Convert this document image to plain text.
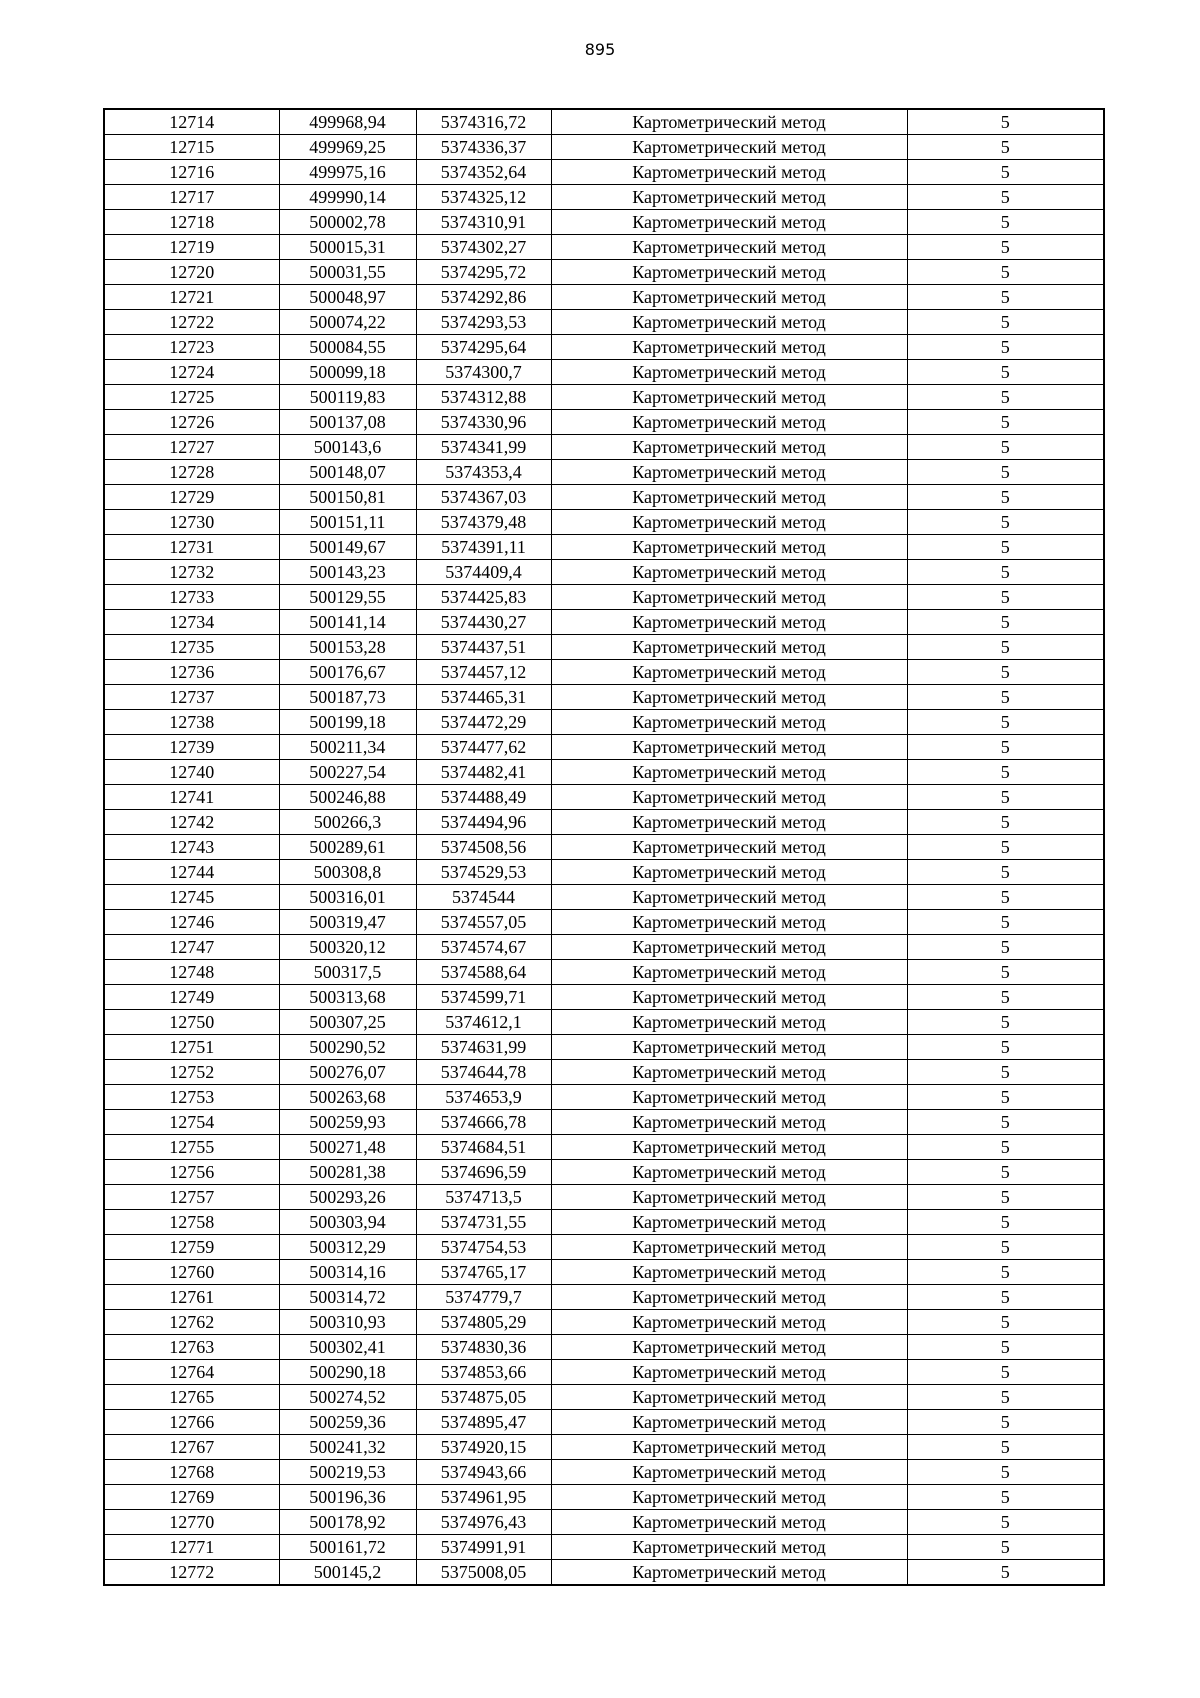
895
12714	499968,94	5374316,72	Картометрический метод	5
12715	499969,25	5374336,37	Картометрический метод	5
12716	499975,16	5374352,64	Картометрический метод	5
12717	499990,14	5374325,12	Картометрический метод	5
12718	500002,78	5374310,91	Картометрический метод	5
12719	500015,31	5374302,27	Картометрический метод	5
12720	500031,55	5374295,72	Картометрический метод	5
12721	500048,97	5374292,86	Картометрический метод	5
12722	500074,22	5374293,53	Картометрический метод	5
12723	500084,55	5374295,64	Картометрический метод	5
12724	500099,18	5374300,7	Картометрический метод	5
12725	500119,83	5374312,88	Картометрический метод	5
12726	500137,08	5374330,96	Картометрический метод	5
12727	500143,6	5374341,99	Картометрический метод	5
12728	500148,07	5374353,4	Картометрический метод	5
12729	500150,81	5374367,03	Картометрический метод	5
12730	500151,11	5374379,48	Картометрический метод	5
12731	500149,67	5374391,11	Картометрический метод	5
12732	500143,23	5374409,4	Картометрический метод	5
12733	500129,55	5374425,83	Картометрический метод	5
12734	500141,14	5374430,27	Картометрический метод	5
12735	500153,28	5374437,51	Картометрический метод	5
12736	500176,67	5374457,12	Картометрический метод	5
12737	500187,73	5374465,31	Картометрический метод	5
12738	500199,18	5374472,29	Картометрический метод	5
12739	500211,34	5374477,62	Картометрический метод	5
12740	500227,54	5374482,41	Картометрический метод	5
12741	500246,88	5374488,49	Картометрический метод	5
12742	500266,3	5374494,96	Картометрический метод	5
12743	500289,61	5374508,56	Картометрический метод	5
12744	500308,8	5374529,53	Картометрический метод	5
12745	500316,01	5374544	Картометрический метод	5
12746	500319,47	5374557,05	Картометрический метод	5
12747	500320,12	5374574,67	Картометрический метод	5
12748	500317,5	5374588,64	Картометрический метод	5
12749	500313,68	5374599,71	Картометрический метод	5
12750	500307,25	5374612,1	Картометрический метод	5
12751	500290,52	5374631,99	Картометрический метод	5
12752	500276,07	5374644,78	Картометрический метод	5
12753	500263,68	5374653,9	Картометрический метод	5
12754	500259,93	5374666,78	Картометрический метод	5
12755	500271,48	5374684,51	Картометрический метод	5
12756	500281,38	5374696,59	Картометрический метод	5
12757	500293,26	5374713,5	Картометрический метод	5
12758	500303,94	5374731,55	Картометрический метод	5
12759	500312,29	5374754,53	Картометрический метод	5
12760	500314,16	5374765,17	Картометрический метод	5
12761	500314,72	5374779,7	Картометрический метод	5
12762	500310,93	5374805,29	Картометрический метод	5
12763	500302,41	5374830,36	Картометрический метод	5
12764	500290,18	5374853,66	Картометрический метод	5
12765	500274,52	5374875,05	Картометрический метод	5
12766	500259,36	5374895,47	Картометрический метод	5
12767	500241,32	5374920,15	Картометрический метод	5
12768	500219,53	5374943,66	Картометрический метод	5
12769	500196,36	5374961,95	Картометрический метод	5
12770	500178,92	5374976,43	Картометрический метод	5
12771	500161,72	5374991,91	Картометрический метод	5
12772	500145,2	5375008,05	Картометрический метод	5
